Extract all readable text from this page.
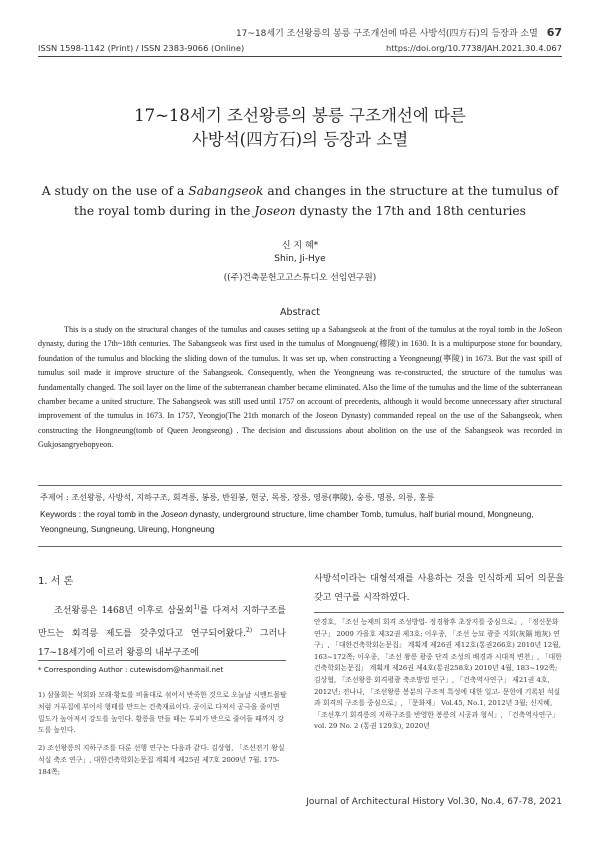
17~18세기 조선왕릉의 봉릉 구조개선에 따른 사방석(四方石)의 등장과 소멸 67
ISSN 1598-1142 (Print) / ISSN 2383-9066 (Online)	https://doi.org/10.7738/JAH.2021.30.4.067
17~18세기 조선왕릉의 봉릉 구조개선에 따른
사방석(四方石)의 등장과 소멸
A study on the use of a Sabangseok and changes in the structure at the tumulus of the royal tomb during in the Joseon dynasty the 17th and 18th centuries
신 지 혜*
Shin, Ji-Hye
((주)건축문헌고고스튜디오 선임연구원)
Abstract
This is a study on the structural changes of the tumulus and causes setting up a Sabangseok at the front of the tumulus at the royal tomb in the JoSeon dynasty, during the 17th~18th centuries. The Sabangseok was first used in the tumulus of Mongnueng(穆陵) in 1630. It is a multipurpose stone for boundary, foundation of the tumulus and blocking the sliding down of the tumulus. It was set up, when constructing a Yeongneung(寧陵) in 1673. But the vast spill of tumulus soil made it improve structure of the Sabangseok. Consequently, when the Yeongneung was re-constructed, the structure of the tumulus was fundamentally changed. The soil layer on the lime of the subterranean chamber became eliminated. Also the lime of the tumulus and the lime of the subterranean chamber became a united structure. The Sabangseok was still used until 1757 on account of precedents, although it would become unnecessary after structural improvement of the tumulus in 1673. In 1757, Yeongjo(The 21th monarch of the Joseon Dynasty) commanded repeal on the use of the Sabangseok, when constructing the Hongneung(tomb of Queen Jeongseong) . The decision and discussions about abolition on the use of the Sabangseok was recorded in Gukjosangryebopyeon.
주제어 : 조선왕릉, 사방석, 지하구조, 회격릉, 봉릉, 반원봉, 현궁, 목릉, 장릉, 영릉(寧陵), 숭릉, 명릉, 의릉, 홍릉
Keywords : the royal tomb in the Joseon dynasty, underground structure, lime chamber Tomb, tumulus, half burial mound, Mongneung, Yeongneung, Sungneung, Uireung, Hongneung
1. 서 론
조선왕릉은 1468년 이후로 삼물회$^{1)}$를 다져서 지하구조를 만드는 회격릉 제도를 갖추었다고 연구되어왔다.$^{2)}$ 그러나 17~18세기에 이르러 왕릉의 내부구조에
사방석이라는 대형석재를 사용하는 것을 인식하게 되어 의문을 갖고 연구를 시작하였다.
* Corresponding Author : cutewisdom@hanmail.net

1) 삼물회는 석회와 모래·황토를 비율대로 섞어서 반죽한 것으로 오늘날 시멘트몰탈처럼 거푸집에 부어서 형태를 만드는 건축재료이다. 공이로 다져서 공극을 줄이면 밀도가 높아져서 강도를 높인다. 황릉을 만들 때는 투피가 반으로 줄어들 때까지 강도를 높인다.

2) 조선왕릉의 지하구조를 다룬 선행 연구는 다음과 같다. 김상협, 「조선전기 왕실 석실 축조 연구」, 대한건축학회논문집 계획계 제25권 제7호 2009년 7월. 175-184쪽;

안경호, 「조선 능제의 회격 조성방법- 정경왕후 초장지를 중심으로」, 「정신문화연구」 2009 가을호 제32권 제3호; 이우종, 「조선 능묘 광중 지회(灰隔 地灰) 연구」, 「대한건축학회논문집」 계획계 제26권 제12호(통권266호) 2010년 12월, 163~172쪽; 이우종, 「조선 왕릉 광중 단격 조성의 배경과 시대적 변천」, 「대한건축학회논문집」 계획계 제26권 제4호(통권258호) 2010년 4월, 183~192쪽; 김상협, 「조선왕릉 회격평광 축조방법 연구」, 「건축역사연구」 제21권 4호, 2012년; 전나나, 「조선왕릉 봉분의 구조적 특성에 대한 일고- 문헌에 기록된 석실과 회격의 구조를 중심으로」, 「문화재」 Vol.45, No.1, 2012년 3월; 신지혜, 「조선후기 회격릉의 지하구조를 반영한 봉릉의 시공과 형식」, 「건축역사연구」 vol. 29 No. 2 (통권 129호), 2020년

Journal of Architectural History Vol.30, No.4, 67-78, 2021
